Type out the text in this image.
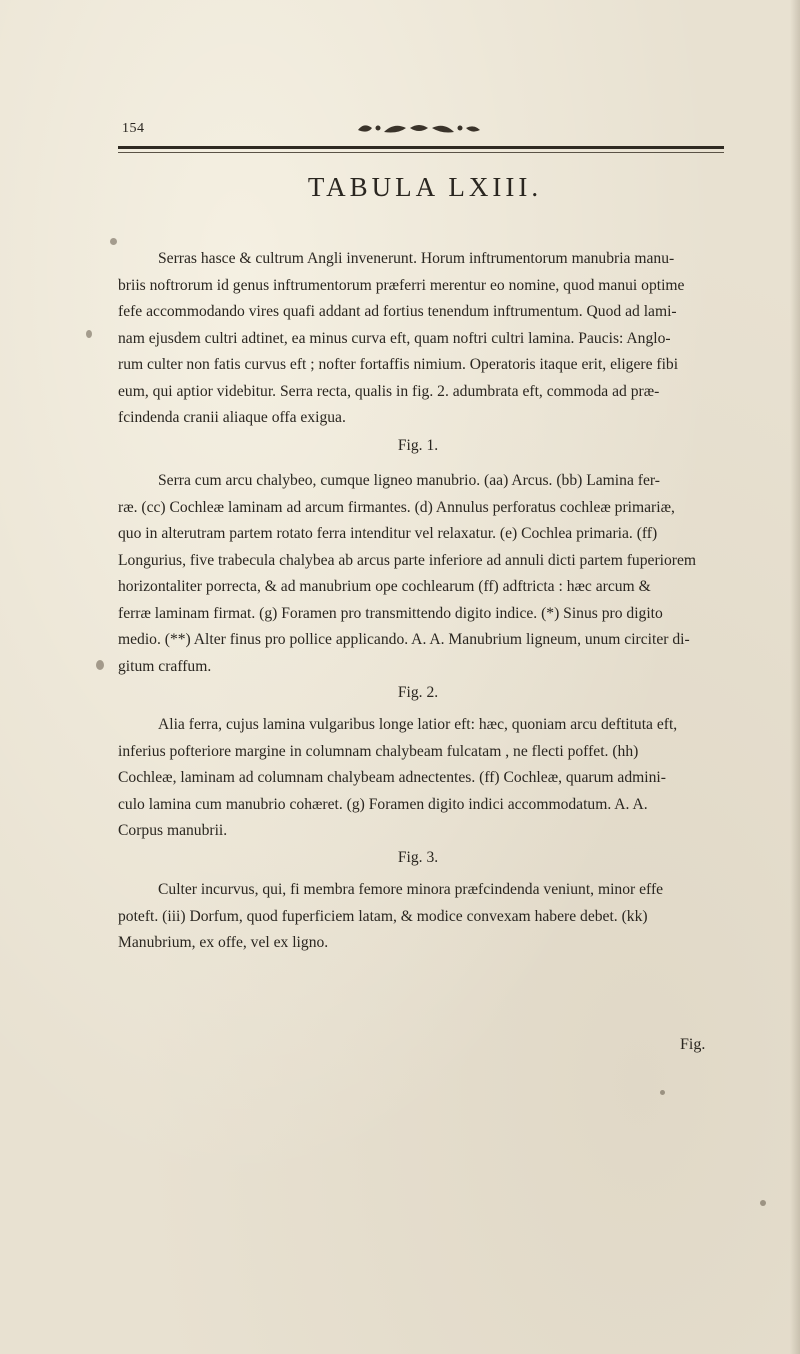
154
TABULA LXIII.
Serras hasce & cultrum Angli invenerunt. Horum inftrumentorum manubria manu-
briis noftrorum id genus inftrumentorum præferri merentur eo nomine, quod manui optime
fefe accommodando vires quafi addant ad fortius tenendum inftrumentum. Quod ad lami-
nam ejusdem cultri adtinet, ea minus curva eft, quam noftri cultri lamina. Paucis: Anglo-
rum culter non fatis curvus eft ; nofter fortaffis nimium. Operatoris itaque erit, eligere fibi
eum, qui aptior videbitur. Serra recta, qualis in fig. 2. adumbrata eft, commoda ad præ-
fcindenda cranii aliaque offa exigua.
Fig. 1.
Serra cum arcu chalybeo, cumque ligneo manubrio. (aa) Arcus. (bb) Lamina fer-
ræ. (cc) Cochleæ laminam ad arcum firmantes. (d) Annulus perforatus cochleæ primariæ,
quo in alterutram partem rotato ferra intenditur vel relaxatur. (e) Cochlea primaria. (ff)
Longurius, five trabecula chalybea ab arcus parte inferiore ad annuli dicti partem fuperiorem
horizontaliter porrecta, & ad manubrium ope cochlearum (ff) adftricta : hæc arcum &
ferræ laminam firmat. (g) Foramen pro transmittendo digito indice. (*) Sinus pro digito
medio. (**) Alter finus pro pollice applicando. A. A. Manubrium ligneum, unum circiter di-
gitum craffum.
Fig. 2.
Alia ferra, cujus lamina vulgaribus longe latior eft: hæc, quoniam arcu deftituta eft,
inferius pofteriore margine in columnam chalybeam fulcatam , ne flecti poffet. (hh)
Cochleæ, laminam ad columnam chalybeam adnectentes. (ff) Cochleæ, quarum admini-
culo lamina cum manubrio cohæret. (g) Foramen digito indici accommodatum. A. A.
Corpus manubrii.
Fig. 3.
Culter incurvus, qui, fi membra femore minora præfcindenda veniunt, minor effe
poteft. (iii) Dorfum, quod fuperficiem latam, & modice convexam habere debet. (kk)
Manubrium, ex offe, vel ex ligno.
Fig.
